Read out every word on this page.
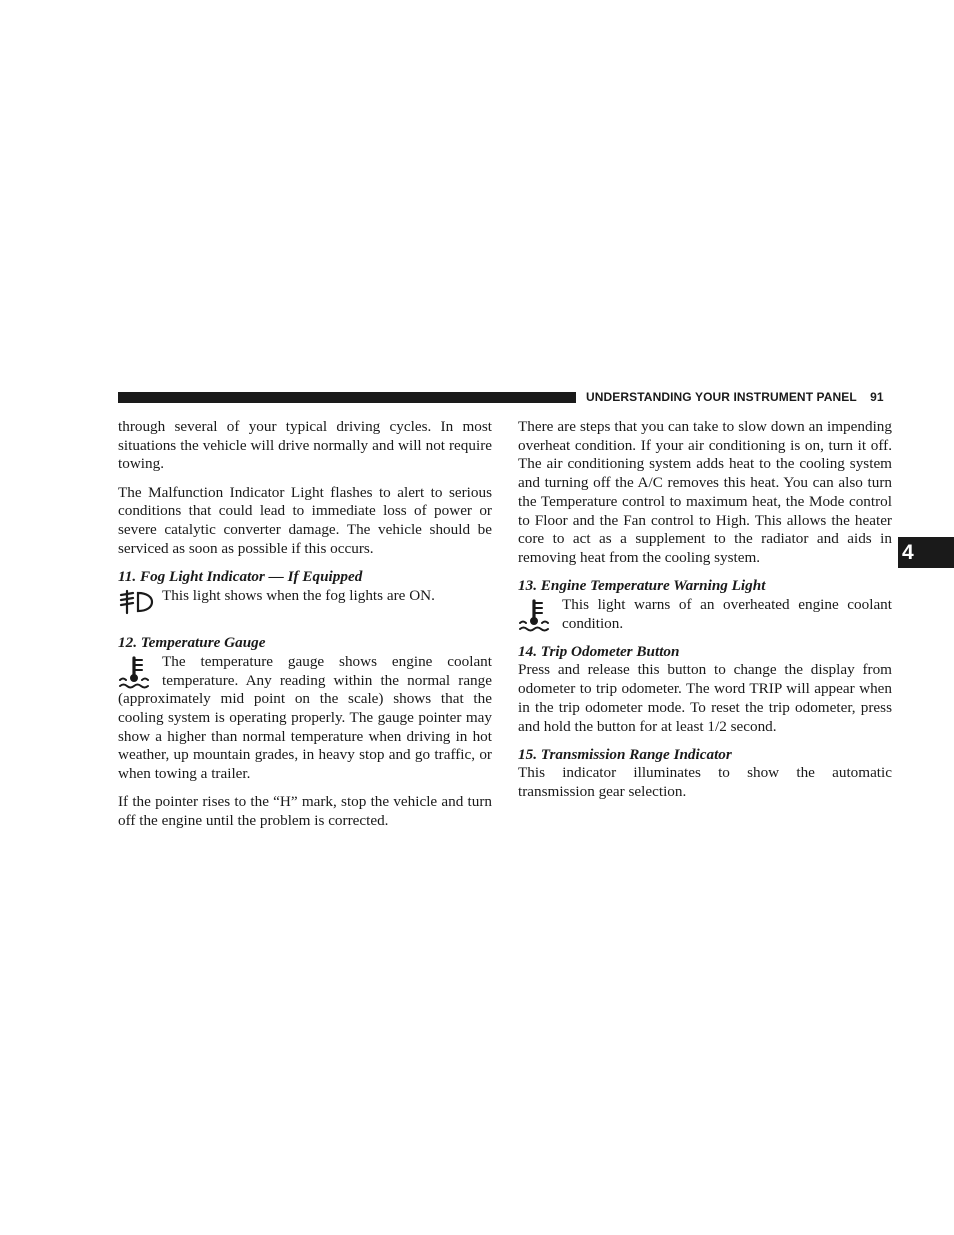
UNDERSTANDING YOUR INSTRUMENT PANEL 91
4

through several of your typical driving cycles. In most situations the vehicle will drive normally and will not require towing.

The Malfunction Indicator Light flashes to alert to serious conditions that could lead to immediate loss of power or severe catalytic converter damage. The vehicle should be serviced as soon as possible if this occurs.

11. Fog Light Indicator — If Equipped

This light shows when the fog lights are ON.

12. Temperature Gauge

The temperature gauge shows engine coolant temperature. Any reading within the normal range (approximately mid point on the scale) shows that the cooling system is operating properly. The gauge pointer may show a higher than normal temperature when driving in hot weather, up mountain grades, in heavy stop and go traffic, or when towing a trailer.

If the pointer rises to the “H” mark, stop the vehicle and turn off the engine until the problem is corrected.

There are steps that you can take to slow down an impending overheat condition. If your air conditioning is on, turn it off. The air conditioning system adds heat to the cooling system and turning off the A/C removes this heat. You can also turn the Temperature control to maximum heat, the Mode control to Floor and the Fan control to High. This allows the heater core to act as a supplement to the radiator and aids in removing heat from the cooling system.

13. Engine Temperature Warning Light

This light warns of an overheated engine coolant condition.

14. Trip Odometer Button

Press and release this button to change the display from odometer to trip odometer. The word TRIP will appear when in the trip odometer mode. To reset the trip odometer, press and hold the button for at least 1/2 second.

15. Transmission Range Indicator

This indicator illuminates to show the automatic transmission gear selection.
